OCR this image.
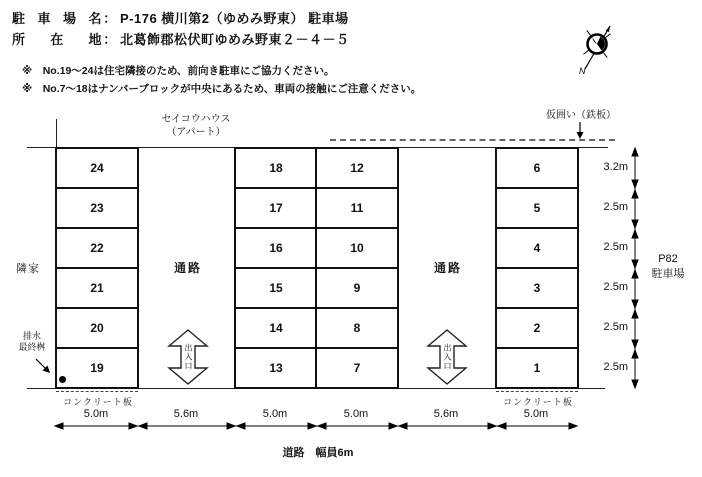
駐 車 場 名 ： P-176 横川第2（ゆめみ野東） 駐車場
所　在　地 ： 北葛飾郡松伏町ゆめみ野東２－４－５
※　No.19～24は住宅隣接のため、前向き駐車にご協力ください。
※　No.7～18はナンバーブロックが中央にあるため、車両の接触にご注意ください。
N
仮囲い（鉄板）
セイコウハウス
（アパート）
24
23
22
21
20
19
18
17
16
15
14
13
12
11
10
9
8
7
6
5
4
3
2
1
通路	通路
出入口	出入口
隣家
排水
最終桝
コンクリート板	コンクリート板
5.0m	5.6m	5.0m	5.0m	5.6m	5.0m
3.2m
2.5m
2.5m
2.5m
2.5m
2.5m
P82
駐車場
道路　幅員6m
